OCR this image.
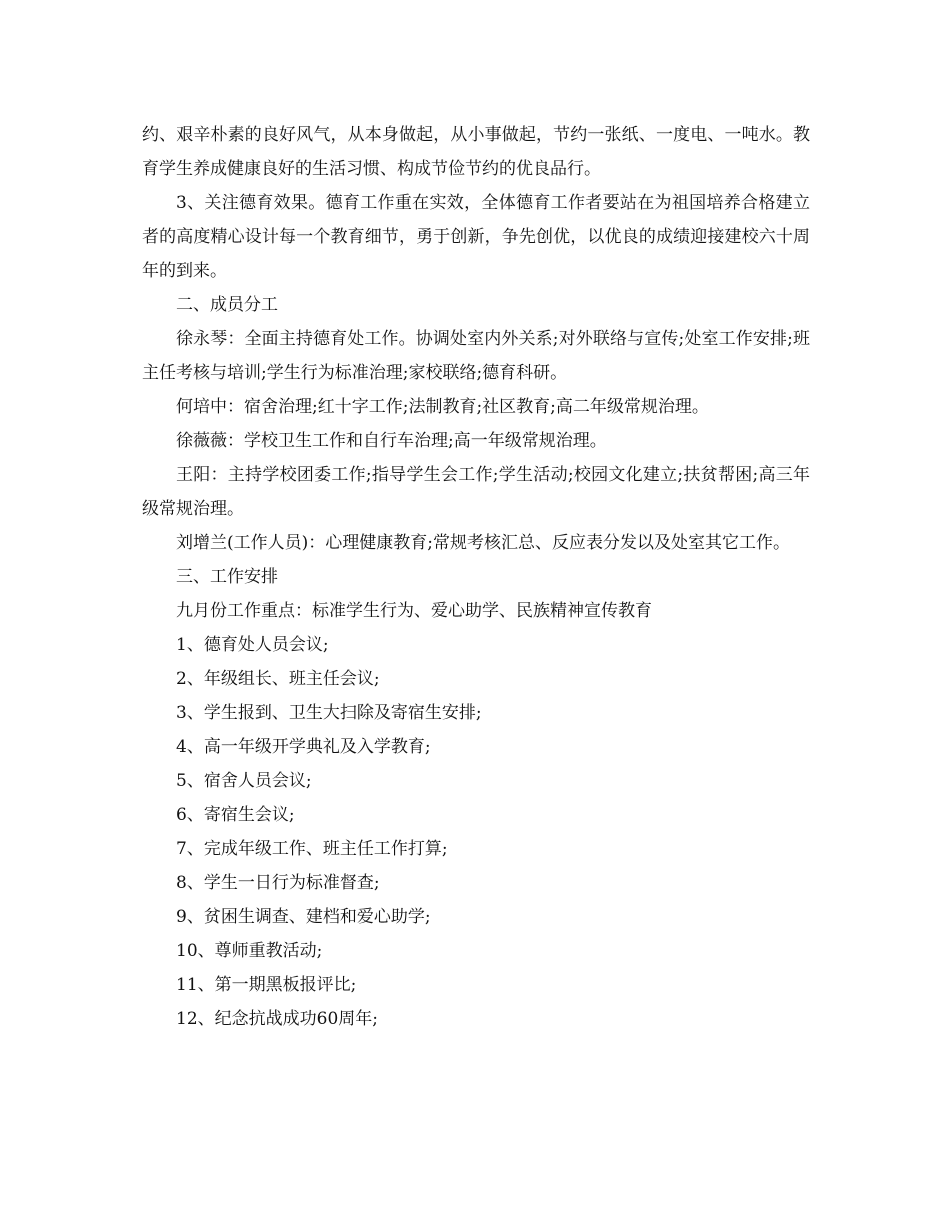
约、艰辛朴素的良好风气，从本身做起，从小事做起，节约一张纸、一度电、一吨水。教育学生养成健康良好的生活习惯、构成节俭节约的优良品行。

3、关注德育效果。德育工作重在实效，全体德育工作者要站在为祖国培养合格建立者的高度精心设计每一个教育细节，勇于创新，争先创优，以优良的成绩迎接建校六十周年的到来。

二、成员分工

徐永琴：全面主持德育处工作。协调处室内外关系;对外联络与宣传;处室工作安排;班主任考核与培训;学生行为标准治理;家校联络;德育科研。

何培中：宿舍治理;红十字工作;法制教育;社区教育;高二年级常规治理。

徐薇薇：学校卫生工作和自行车治理;高一年级常规治理。

王阳：主持学校团委工作;指导学生会工作;学生活动;校园文化建立;扶贫帮困;高三年级常规治理。

刘增兰(工作人员)：心理健康教育;常规考核汇总、反应表分发以及处室其它工作。

三、工作安排

九月份工作重点：标准学生行为、爱心助学、民族精神宣传教育

1、德育处人员会议;

2、年级组长、班主任会议;

3、学生报到、卫生大扫除及寄宿生安排;

4、高一年级开学典礼及入学教育;

5、宿舍人员会议;

6、寄宿生会议;

7、完成年级工作、班主任工作打算;

8、学生一日行为标准督查;

9、贫困生调查、建档和爱心助学;

10、尊师重教活动;

11、第一期黑板报评比;

12、纪念抗战成功60周年;
